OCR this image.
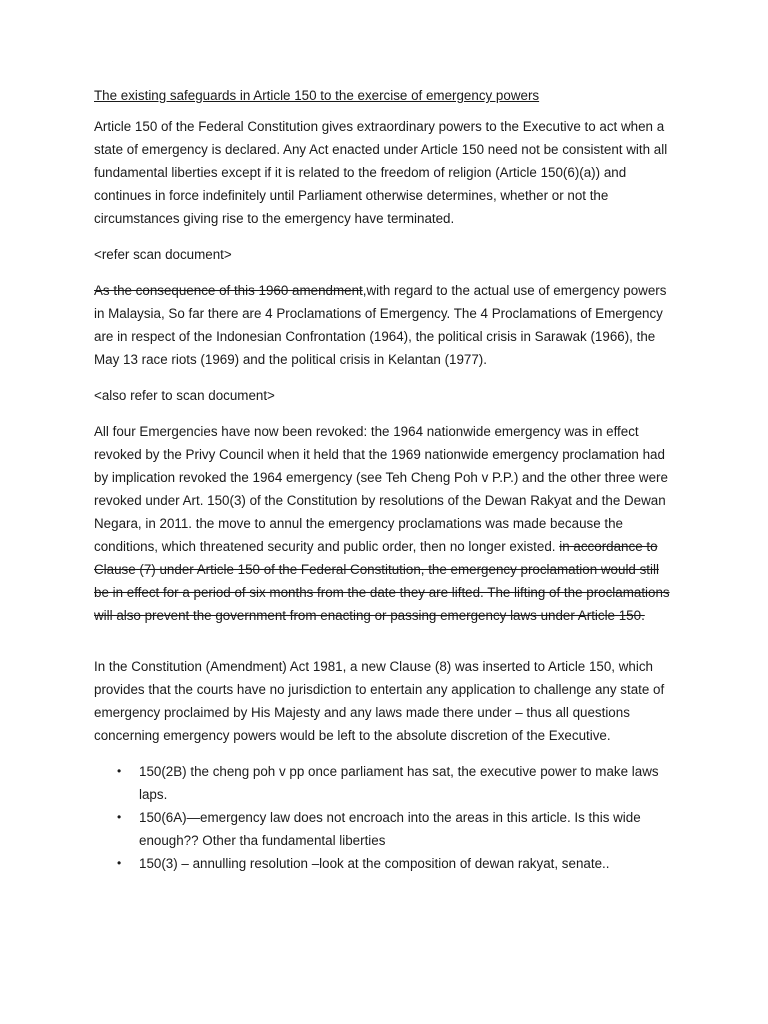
The existing safeguards in Article 150 to the exercise of emergency powers

Article 150 of the Federal Constitution gives extraordinary powers to the Executive to act when a state of emergency is declared. Any Act enacted under Article 150 need not be consistent with all fundamental liberties except if it is related to the freedom of religion (Article 150(6)(a)) and continues in force indefinitely until Parliament otherwise determines, whether or not the circumstances giving rise to the emergency have terminated.

<refer scan document>

As the consequence of this 1960 amendment,with regard to the actual use of emergency powers in Malaysia, So far there are 4 Proclamations of Emergency. The 4 Proclamations of Emergency are in respect of the Indonesian Confrontation (1964), the political crisis in Sarawak (1966), the May 13 race riots (1969) and the political crisis in Kelantan (1977).

<also refer to scan document>

All four Emergencies have now been revoked: the 1964 nationwide emergency was in effect revoked by the Privy Council when it held that the 1969 nationwide emergency proclamation had by implication revoked the 1964 emergency (see Teh Cheng Poh v P.P.) and the other three were revoked under Art. 150(3) of the Constitution by resolutions of the Dewan Rakyat and the Dewan Negara, in 2011. the move to annul the emergency proclamations was made because the conditions, which threatened security and public order, then no longer existed. in accordance to Clause (7) under Article 150 of the Federal Constitution, the emergency proclamation would still be in effect for a period of six months from the date they are lifted. The lifting of the proclamations will also prevent the government from enacting or passing emergency laws under Article 150.

In the Constitution (Amendment) Act 1981, a new Clause (8) was inserted to Article 150, which provides that the courts have no jurisdiction to entertain any application to challenge any state of emergency proclaimed by His Majesty and any laws made there under – thus all questions concerning emergency powers would be left to the absolute discretion of the Executive.

• 150(2B) the cheng poh v pp once parliament has sat, the executive power to make laws laps.
• 150(6A)—emergency law does not encroach into the areas in this article. Is this wide enough?? Other tha fundamental liberties
• 150(3) – annulling resolution –look at the composition of dewan rakyat, senate..
